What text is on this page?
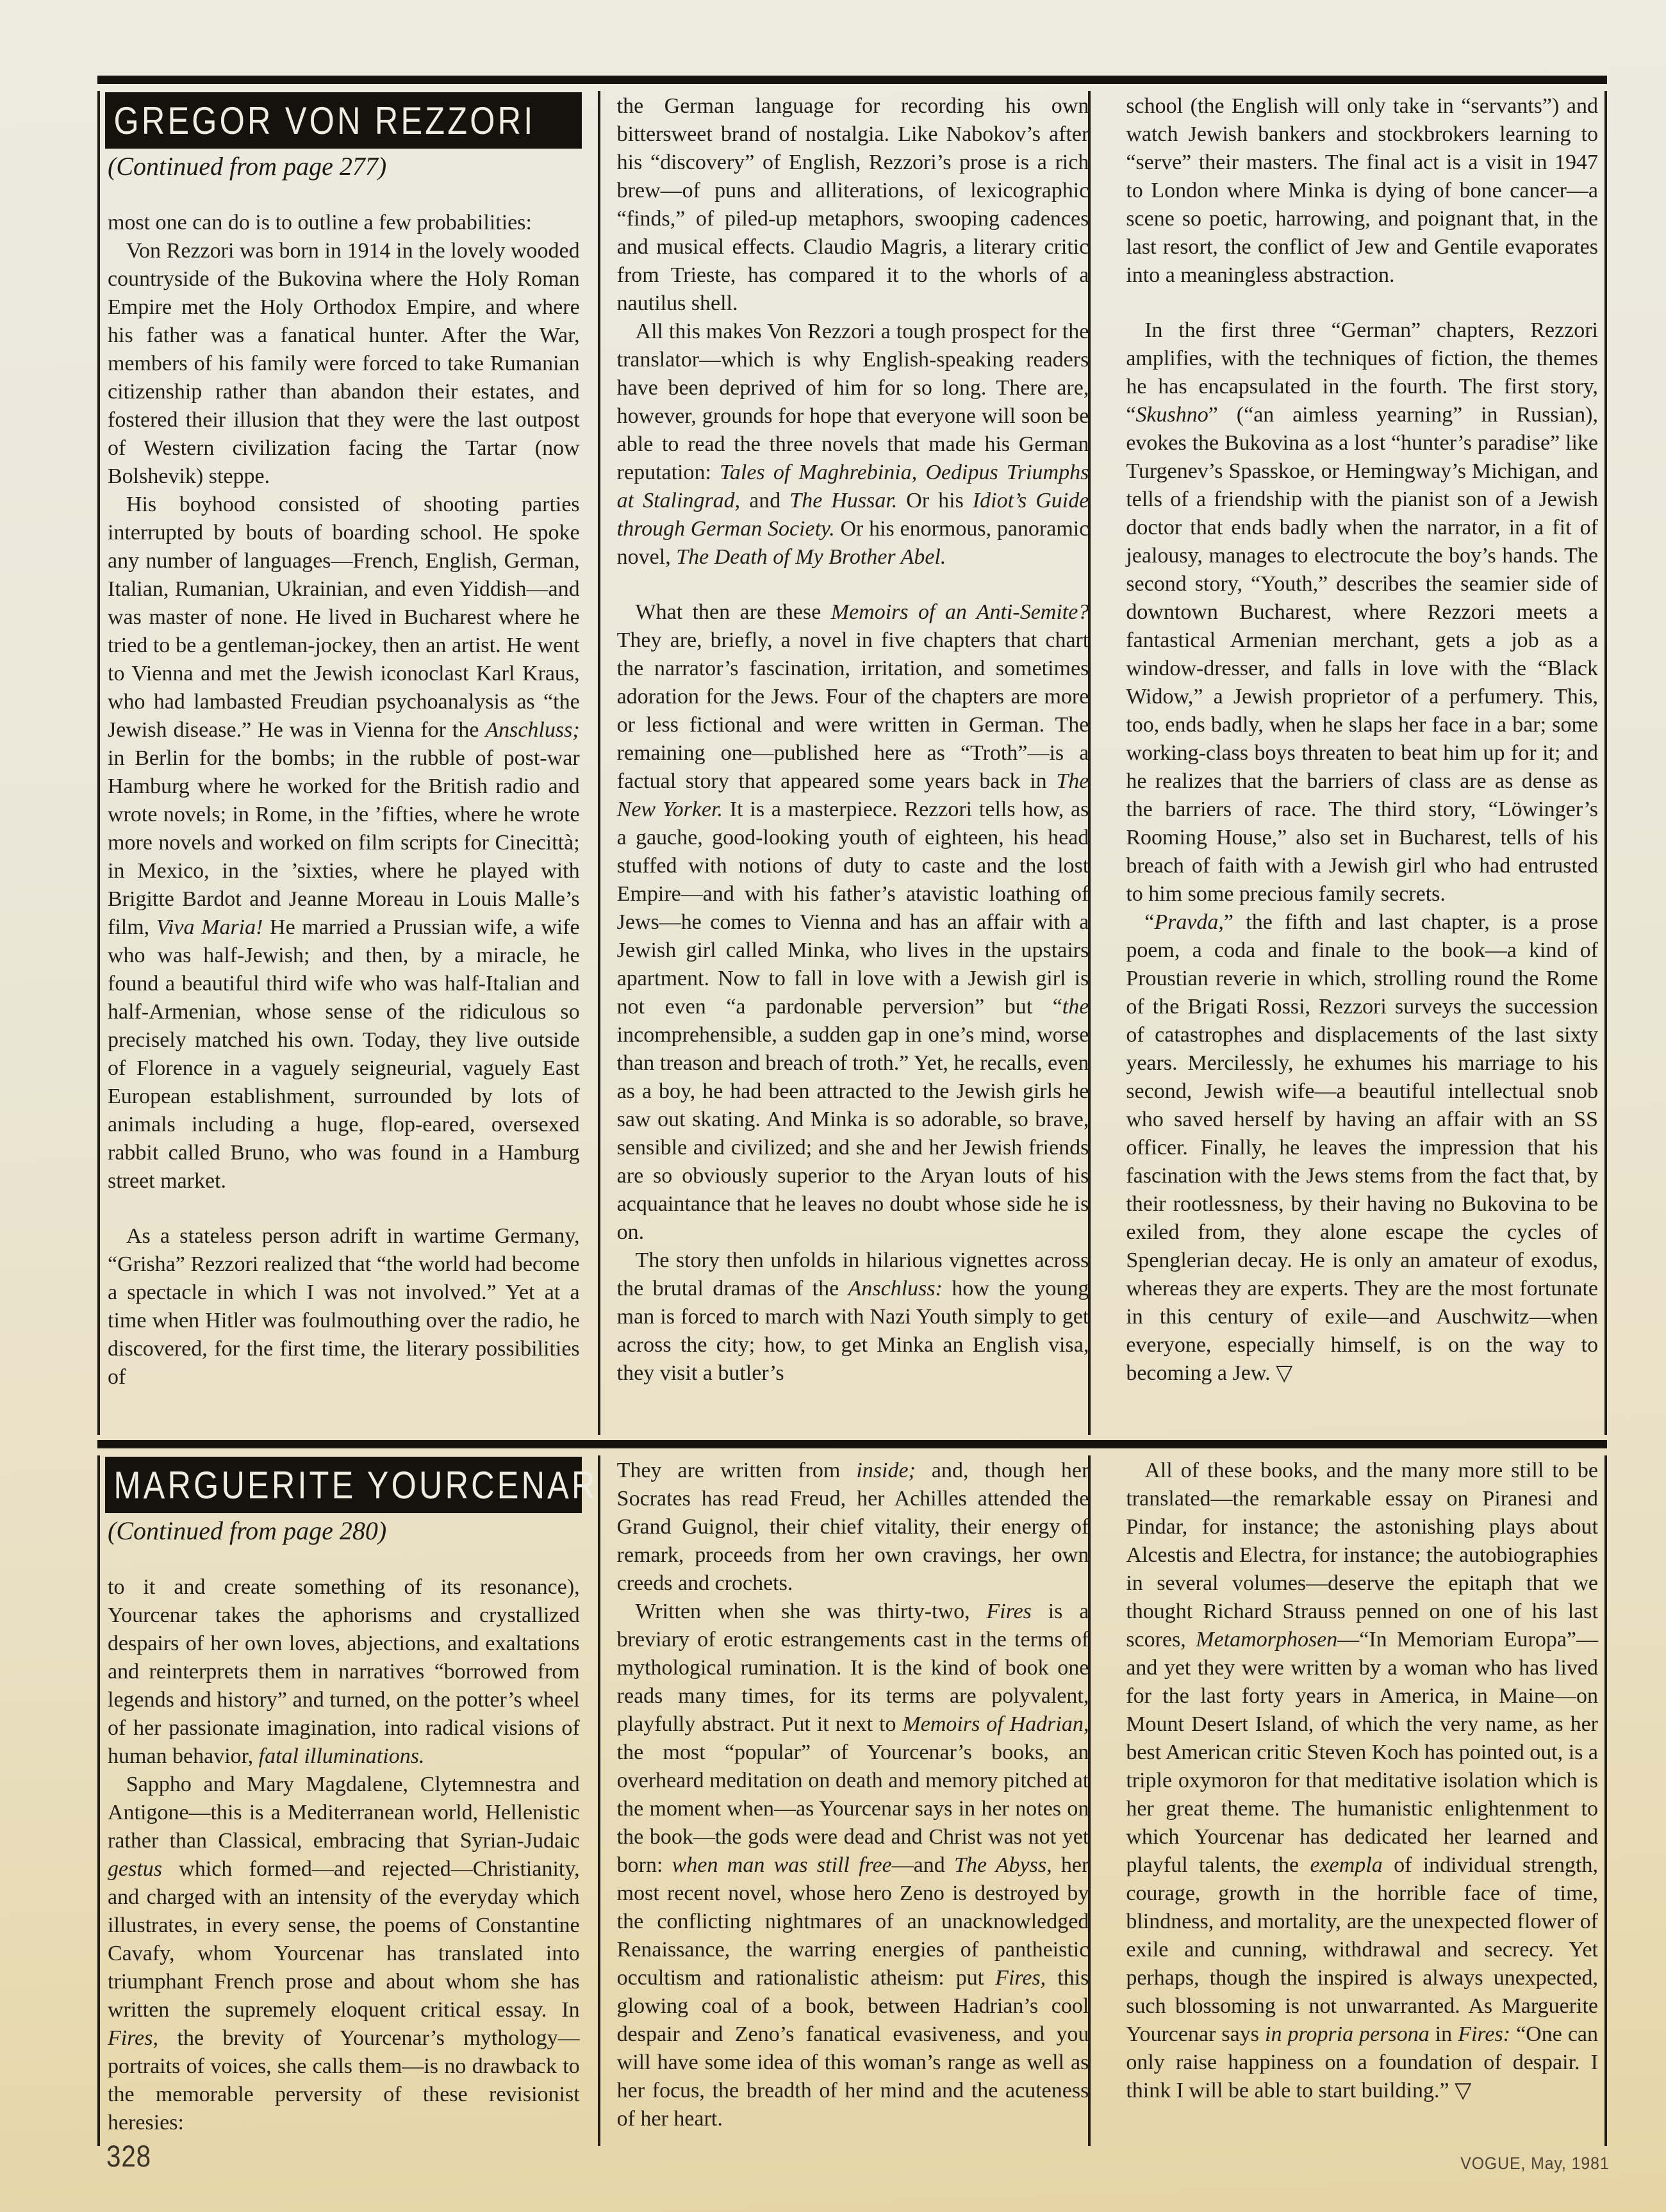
GREGOR VON REZZORI
(Continued from page 277)

most one can do is to outline a few probabilities:

Von Rezzori was born in 1914 in the lovely wooded countryside of the Bukovina where the Holy Roman Empire met the Holy Orthodox Empire, and where his father was a fanatical hunter. After the War, members of his family were forced to take Rumanian citizenship rather than abandon their estates, and fostered their illusion that they were the last outpost of Western civilization facing the Tartar (now Bolshevik) steppe.

His boyhood consisted of shooting parties interrupted by bouts of boarding school. He spoke any number of languages—French, English, German, Italian, Rumanian, Ukrainian, and even Yiddish—and was master of none. He lived in Bucharest where he tried to be a gentleman-jockey, then an artist. He went to Vienna and met the Jewish iconoclast Karl Kraus, who had lambasted Freudian psychoanalysis as “the Jewish disease.” He was in Vienna for the Anschluss; in Berlin for the bombs; in the rubble of post-war Hamburg where he worked for the British radio and wrote novels; in Rome, in the ’fifties, where he wrote more novels and worked on film scripts for Cinecittà; in Mexico, in the ’sixties, where he played with Brigitte Bardot and Jeanne Moreau in Louis Malle’s film, Viva Maria! He married a Prussian wife, a wife who was half-Jewish; and then, by a miracle, he found a beautiful third wife who was half-Italian and half-Armenian, whose sense of the ridiculous so precisely matched his own. Today, they live outside of Florence in a vaguely seigneurial, vaguely East European establishment, surrounded by lots of animals including a huge, flop-eared, oversexed rabbit called Bruno, who was found in a Hamburg street market.

As a stateless person adrift in wartime Germany, “Grisha” Rezzori realized that “the world had become a spectacle in which I was not involved.” Yet at a time when Hitler was foulmouthing over the radio, he discovered, for the first time, the literary possibilities of

the German language for recording his own bittersweet brand of nostalgia. Like Nabokov’s after his “discovery” of English, Rezzori’s prose is a rich brew—of puns and alliterations, of lexicographic “finds,” of piled-up metaphors, swooping cadences and musical effects. Claudio Magris, a literary critic from Trieste, has compared it to the whorls of a nautilus shell.

All this makes Von Rezzori a tough prospect for the translator—which is why English-speaking readers have been deprived of him for so long. There are, however, grounds for hope that everyone will soon be able to read the three novels that made his German reputation: Tales of Maghrebinia, Oedipus Triumphs at Stalingrad, and The Hussar. Or his Idiot’s Guide through German Society. Or his enormous, panoramic novel, The Death of My Brother Abel.

What then are these Memoirs of an Anti-Semite? They are, briefly, a novel in five chapters that chart the narrator’s fascination, irritation, and sometimes adoration for the Jews. Four of the chapters are more or less fictional and were written in German. The remaining one—published here as “Troth”—is a factual story that appeared some years back in The New Yorker. It is a masterpiece. Rezzori tells how, as a gauche, good-looking youth of eighteen, his head stuffed with notions of duty to caste and the lost Empire—and with his father’s atavistic loathing of Jews—he comes to Vienna and has an affair with a Jewish girl called Minka, who lives in the upstairs apartment. Now to fall in love with a Jewish girl is not even “a pardonable perversion” but “the incomprehensible, a sudden gap in one’s mind, worse than treason and breach of troth.” Yet, he recalls, even as a boy, he had been attracted to the Jewish girls he saw out skating. And Minka is so adorable, so brave, sensible and civilized; and she and her Jewish friends are so obviously superior to the Aryan louts of his acquaintance that he leaves no doubt whose side he is on.

The story then unfolds in hilarious vignettes across the brutal dramas of the Anschluss: how the young man is forced to march with Nazi Youth simply to get across the city; how, to get Minka an English visa, they visit a butler’s

school (the English will only take in “servants”) and watch Jewish bankers and stockbrokers learning to “serve” their masters. The final act is a visit in 1947 to London where Minka is dying of bone cancer—a scene so poetic, harrowing, and poignant that, in the last resort, the conflict of Jew and Gentile evaporates into a meaningless abstraction.

In the first three “German” chapters, Rezzori amplifies, with the techniques of fiction, the themes he has encapsulated in the fourth. The first story, “Skushno” (“an aimless yearning” in Russian), evokes the Bukovina as a lost “hunter’s paradise” like Turgenev’s Spasskoe, or Hemingway’s Michigan, and tells of a friendship with the pianist son of a Jewish doctor that ends badly when the narrator, in a fit of jealousy, manages to electrocute the boy’s hands. The second story, “Youth,” describes the seamier side of downtown Bucharest, where Rezzori meets a fantastical Armenian merchant, gets a job as a window-dresser, and falls in love with the “Black Widow,” a Jewish proprietor of a perfumery. This, too, ends badly, when he slaps her face in a bar; some working-class boys threaten to beat him up for it; and he realizes that the barriers of class are as dense as the barriers of race. The third story, “Löwinger’s Rooming House,” also set in Bucharest, tells of his breach of faith with a Jewish girl who had entrusted to him some precious family secrets.

“Pravda,” the fifth and last chapter, is a prose poem, a coda and finale to the book—a kind of Proustian reverie in which, strolling round the Rome of the Brigati Rossi, Rezzori surveys the succession of catastrophes and displacements of the last sixty years. Mercilessly, he exhumes his marriage to his second, Jewish wife—a beautiful intellectual snob who saved herself by having an affair with an SS officer. Finally, he leaves the impression that his fascination with the Jews stems from the fact that, by their rootlessness, by their having no Bukovina to be exiled from, they alone escape the cycles of Spenglerian decay. He is only an amateur of exodus, whereas they are experts. They are the most fortunate in this century of exile—and Auschwitz—when everyone, especially himself, is on the way to becoming a Jew. ▽

MARGUERITE YOURCENAR
(Continued from page 280)

to it and create something of its resonance), Yourcenar takes the aphorisms and crystallized despairs of her own loves, abjections, and exaltations and reinterprets them in narratives “borrowed from legends and history” and turned, on the potter’s wheel of her passionate imagination, into radical visions of human behavior, fatal illuminations.

Sappho and Mary Magdalene, Clytemnestra and Antigone—this is a Mediterranean world, Hellenistic rather than Classical, embracing that Syrian-Judaic gestus which formed—and rejected—Christianity, and charged with an intensity of the everyday which illustrates, in every sense, the poems of Constantine Cavafy, whom Yourcenar has translated into triumphant French prose and about whom she has written the supremely eloquent critical essay. In Fires, the brevity of Yourcenar’s mythology—portraits of voices, she calls them—is no drawback to the memorable perversity of these revisionist heresies:

They are written from inside; and, though her Socrates has read Freud, her Achilles attended the Grand Guignol, their chief vitality, their energy of remark, proceeds from her own cravings, her own creeds and crochets.

Written when she was thirty-two, Fires is a breviary of erotic estrangements cast in the terms of mythological rumination. It is the kind of book one reads many times, for its terms are polyvalent, playfully abstract. Put it next to Memoirs of Hadrian, the most “popular” of Yourcenar’s books, an overheard meditation on death and memory pitched at the moment when—as Yourcenar says in her notes on the book—the gods were dead and Christ was not yet born: when man was still free—and The Abyss, her most recent novel, whose hero Zeno is destroyed by the conflicting nightmares of an unacknowledged Renaissance, the warring energies of pantheistic occultism and rationalistic atheism: put Fires, this glowing coal of a book, between Hadrian’s cool despair and Zeno’s fanatical evasiveness, and you will have some idea of this woman’s range as well as her focus, the breadth of her mind and the acuteness of her heart.

All of these books, and the many more still to be translated—the remarkable essay on Piranesi and Pindar, for instance; the astonishing plays about Alcestis and Electra, for instance; the autobiographies in several volumes—deserve the epitaph that we thought Richard Strauss penned on one of his last scores, Metamorphosen—“In Memoriam Europa”—and yet they were written by a woman who has lived for the last forty years in America, in Maine—on Mount Desert Island, of which the very name, as her best American critic Steven Koch has pointed out, is a triple oxymoron for that meditative isolation which is her great theme. The humanistic enlightenment to which Yourcenar has dedicated her learned and playful talents, the exempla of individual strength, courage, growth in the horrible face of time, blindness, and mortality, are the unexpected flower of exile and cunning, withdrawal and secrecy. Yet perhaps, though the inspired is always unexpected, such blossoming is not unwarranted. As Marguerite Yourcenar says in propria persona in Fires: “One can only raise happiness on a foundation of despair. I think I will be able to start building.” ▽

328	VOGUE, May, 1981
